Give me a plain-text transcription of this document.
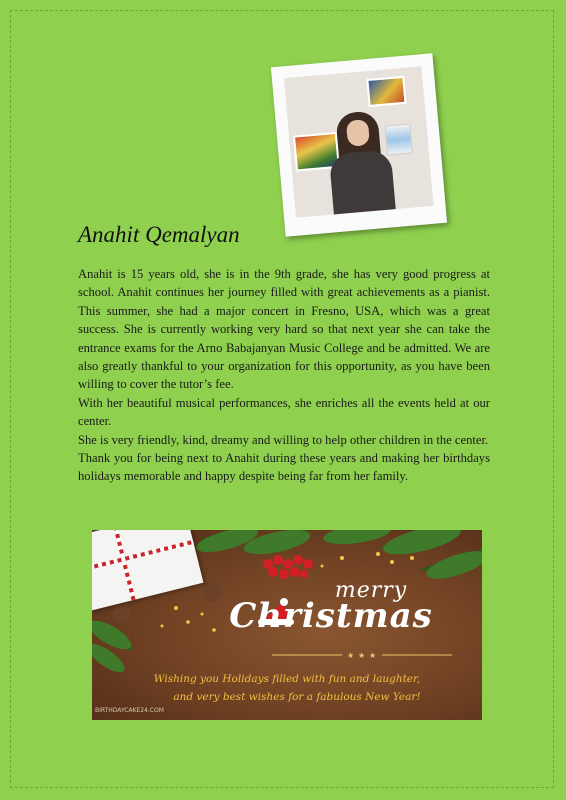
Anahit Qemalyan

Anahit is 15 years old, she is in the 9th grade, she has very good progress at school. Anahit continues her journey filled with great achievements as a pianist. This summer, she had a major concert in Fresno, USA, which was a great success. She is currently working very hard so that next year she can take the entrance exams for the Arno Babajanyan Music College and be admitted. We are also greatly thankful to your organization for this opportunity, as you have been willing to cover the tutor’s fee.

With her beautiful musical performances, she enriches all the events held at our center.

She is very friendly, kind, dreamy and willing to help other children in the center.

Thank you for being next to Anahit during these years and making her birthdays holidays memorable and happy despite being far from her family.

★ ★ ★

merry

Christmas

Wishing you Holidays filled with fun and laughter,

and very best wishes for a fabulous New Year!

BIRTHDAYCAKE24.COM
